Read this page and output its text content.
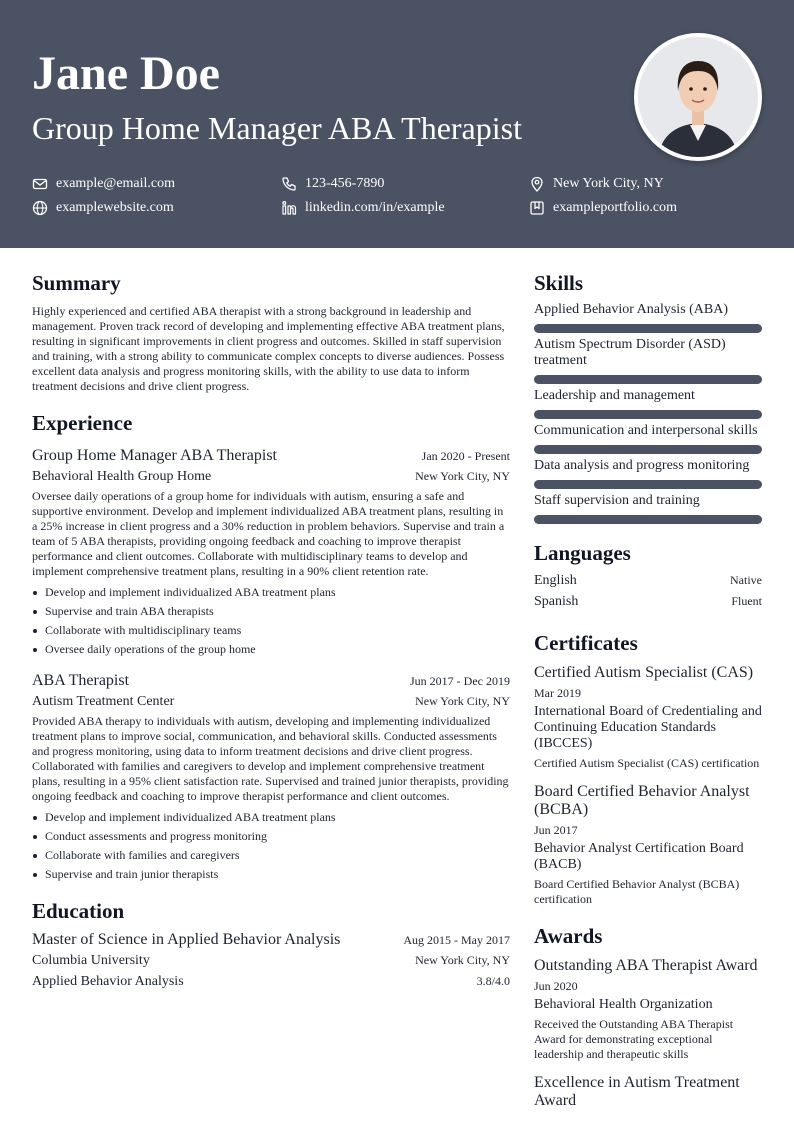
Jane Doe
Group Home Manager ABA Therapist
example@email.com	123-456-7890	New York City, NY
examplewebsite.com	linkedin.com/in/example	exampleportfolio.com
Summary

Highly experienced and certified ABA therapist with a strong background in leadership and management. Proven track record of developing and implementing effective ABA treatment plans, resulting in significant improvements in client progress and outcomes. Skilled in staff supervision and training, with a strong ability to communicate complex concepts to diverse audiences. Possess excellent data analysis and progress monitoring skills, with the ability to use data to inform treatment decisions and drive client progress.

Experience
Group Home Manager ABA Therapist	Jan 2020 - Present
Behavioral Health Group Home	New York City, NY

Oversee daily operations of a group home for individuals with autism, ensuring a safe and supportive environment. Develop and implement individualized ABA treatment plans, resulting in a 25% increase in client progress and a 30% reduction in problem behaviors. Supervise and train a team of 5 ABA therapists, providing ongoing feedback and coaching to improve therapist performance and client outcomes. Collaborate with multidisciplinary teams to develop and implement comprehensive treatment plans, resulting in a 90% client retention rate.

Develop and implement individualized ABA treatment plans
Supervise and train ABA therapists
Collaborate with multidisciplinary teams
Oversee daily operations of the group home
ABA Therapist	Jun 2017 - Dec 2019
Autism Treatment Center	New York City, NY

Provided ABA therapy to individuals with autism, developing and implementing individualized treatment plans to improve social, communication, and behavioral skills. Conducted assessments and progress monitoring, using data to inform treatment decisions and drive client progress. Collaborated with families and caregivers to develop and implement comprehensive treatment plans, resulting in a 95% client satisfaction rate. Supervised and trained junior therapists, providing ongoing feedback and coaching to improve therapist performance and client outcomes.

Develop and implement individualized ABA treatment plans
Conduct assessments and progress monitoring
Collaborate with families and caregivers
Supervise and train junior therapists
Education
Master of Science in Applied Behavior Analysis	Aug 2015 - May 2017
Columbia University	New York City, NY
Applied Behavior Analysis	3.8/4.0
Skills
Applied Behavior Analysis (ABA)
Autism Spectrum Disorder (ASD) treatment
Leadership and management
Communication and interpersonal skills
Data analysis and progress monitoring
Staff supervision and training
Languages
English	Native
Spanish	Fluent
Certificates
Certified Autism Specialist (CAS)
Mar 2019
International Board of Credentialing and Continuing Education Standards (IBCCES)
Certified Autism Specialist (CAS) certification
Board Certified Behavior Analyst (BCBA)
Jun 2017
Behavior Analyst Certification Board (BACB)
Board Certified Behavior Analyst (BCBA) certification
Awards
Outstanding ABA Therapist Award
Jun 2020
Behavioral Health Organization
Received the Outstanding ABA Therapist Award for demonstrating exceptional leadership and therapeutic skills
Excellence in Autism Treatment Award
